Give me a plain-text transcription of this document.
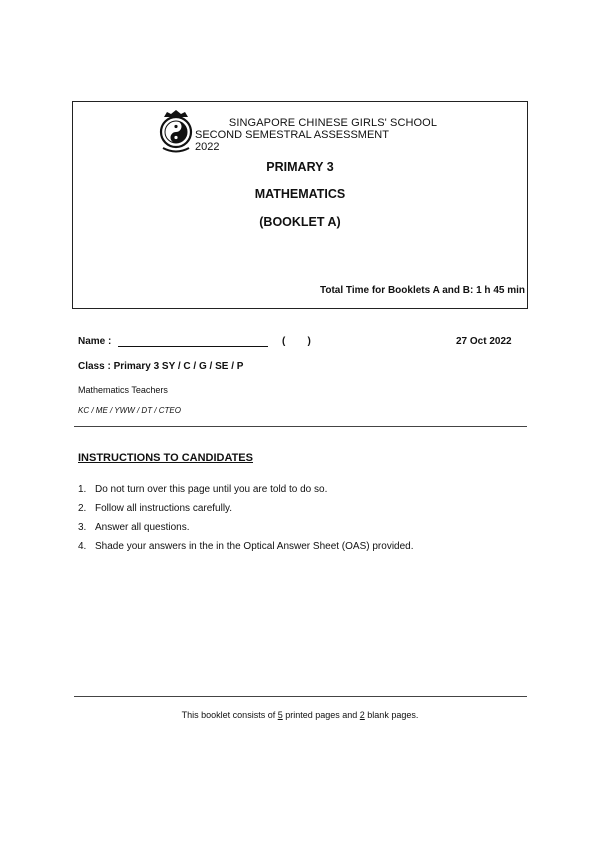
SINGAPORE CHINESE GIRLS' SCHOOL
SECOND SEMESTRAL ASSESSMENT 2022
PRIMARY 3
MATHEMATICS
(BOOKLET A)
Total Time for Booklets A and B: 1 h 45 min
Name :	(        )	27 Oct 2022
Class : Primary 3 SY / C / G / SE / P
Mathematics Teachers
KC / ME / YWW / DT / CTEO
INSTRUCTIONS TO CANDIDATES
1. Do not turn over this page until you are told to do so.
2. Follow all instructions carefully.
3. Answer all questions.
4. Shade your answers in the in the Optical Answer Sheet (OAS) provided.
This booklet consists of 5 printed pages and 2 blank pages.
